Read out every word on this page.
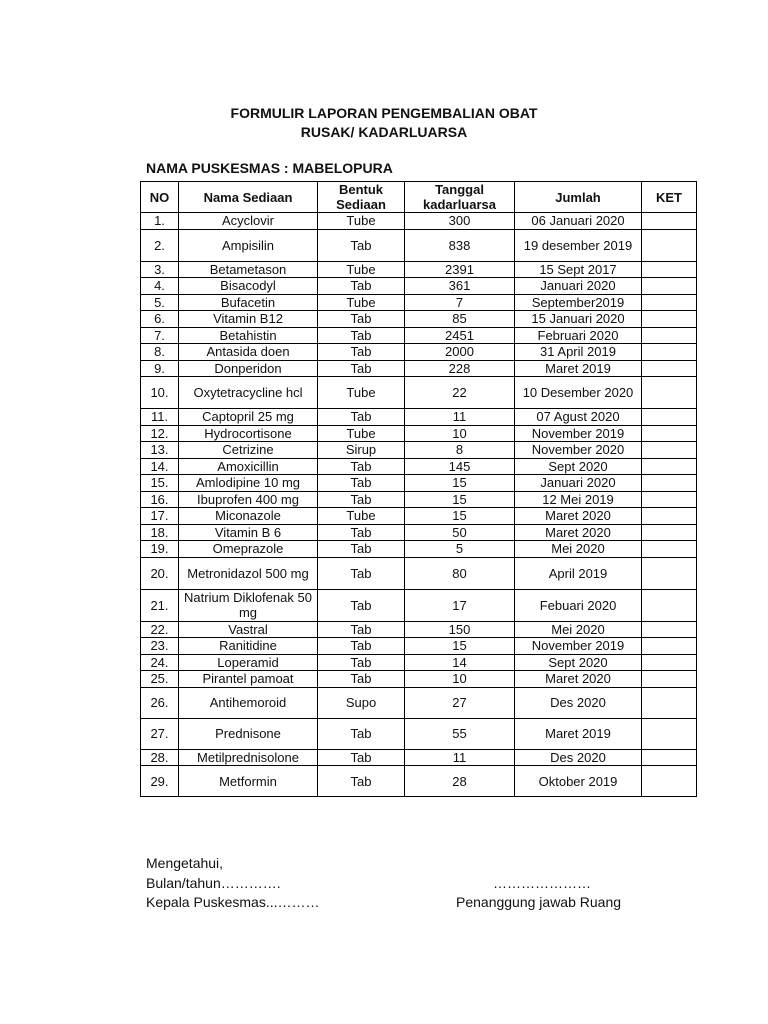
FORMULIR LAPORAN PENGEMBALIAN OBAT
RUSAK/ KADARLUARSA
NAMA PUSKESMAS : MABELOPURA
NO	Nama Sediaan	Bentuk Sediaan	Tanggal kadarluarsa	Jumlah	KET
1.	Acyclovir	Tube	300	06 Januari 2020	
2.	Ampisilin	Tab	838	19 desember 2019	
3.	Betametason	Tube	2391	15 Sept 2017	
4.	Bisacodyl	Tab	361	Januari 2020	
5.	Bufacetin	Tube	7	September2019	
6.	Vitamin B12	Tab	85	15 Januari 2020	
7.	Betahistin	Tab	2451	Februari 2020	
8.	Antasida doen	Tab	2000	31 April 2019	
9.	Donperidon	Tab	228	Maret 2019	
10.	Oxytetracycline hcl	Tube	22	10 Desember 2020	
11.	Captopril 25 mg	Tab	11	07 Agust 2020	
12.	Hydrocortisone	Tube	10	November 2019	
13.	Cetrizine	Sirup	8	November 2020	
14.	Amoxicillin	Tab	145	Sept 2020	
15.	Amlodipine 10 mg	Tab	15	Januari 2020	
16.	Ibuprofen 400 mg	Tab	15	12 Mei 2019	
17.	Miconazole	Tube	15	Maret 2020	
18.	Vitamin B 6	Tab	50	Maret 2020	
19.	Omeprazole	Tab	5	Mei 2020	
20.	Metronidazol 500 mg	Tab	80	April 2019	
21.	Natrium Diklofenak 50 mg	Tab	17	Febuari 2020	
22.	Vastral	Tab	150	Mei 2020	
23.	Ranitidine	Tab	15	November 2019	
24.	Loperamid	Tab	14	Sept 2020	
25.	Pirantel pamoat	Tab	10	Maret 2020	
26.	Antihemoroid	Supo	27	Des 2020	
27.	Prednisone	Tab	55	Maret 2019	
28.	Metilprednisolone	Tab	11	Des 2020	
29.	Metformin	Tab	28	Oktober 2019	
Mengetahui,
Bulan/tahun………….	…………………
Kepala Puskesmas...………	Penanggung jawab Ruang
